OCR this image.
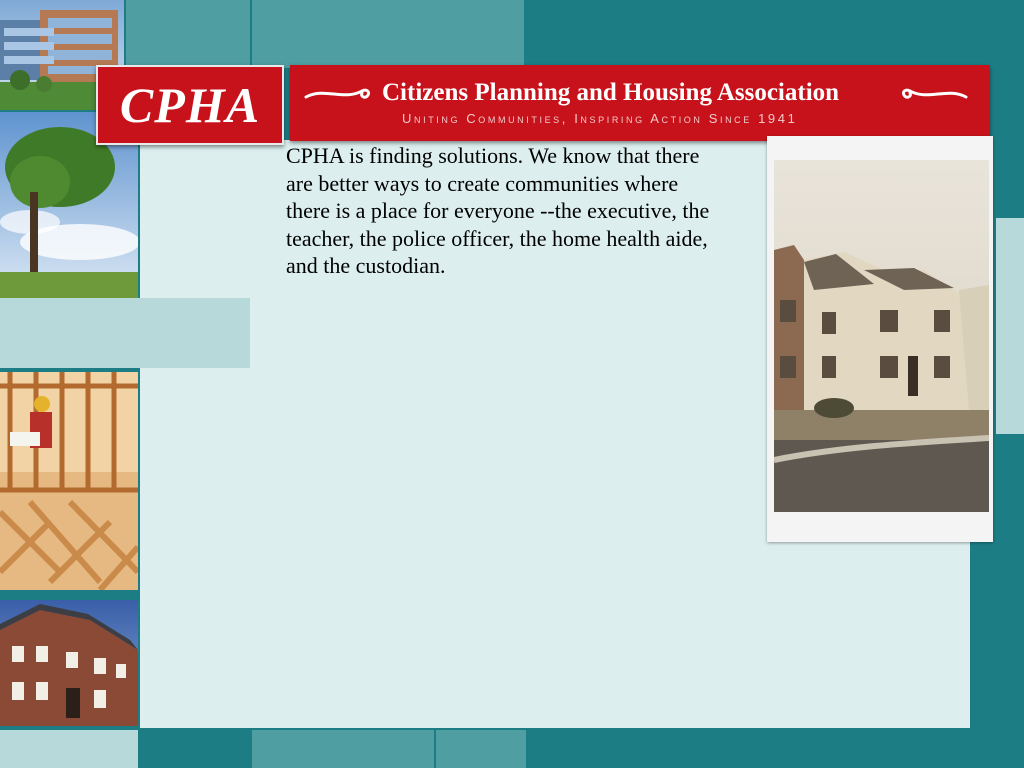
CPHA	Citizens Planning and Housing Association
Uniting Communities, Inspiring Action Since 1941
CPHA is finding solutions. We know that there are better ways to create communities where there is a place for everyone --the executive, the teacher, the police officer, the home health aide, and the custodian.
